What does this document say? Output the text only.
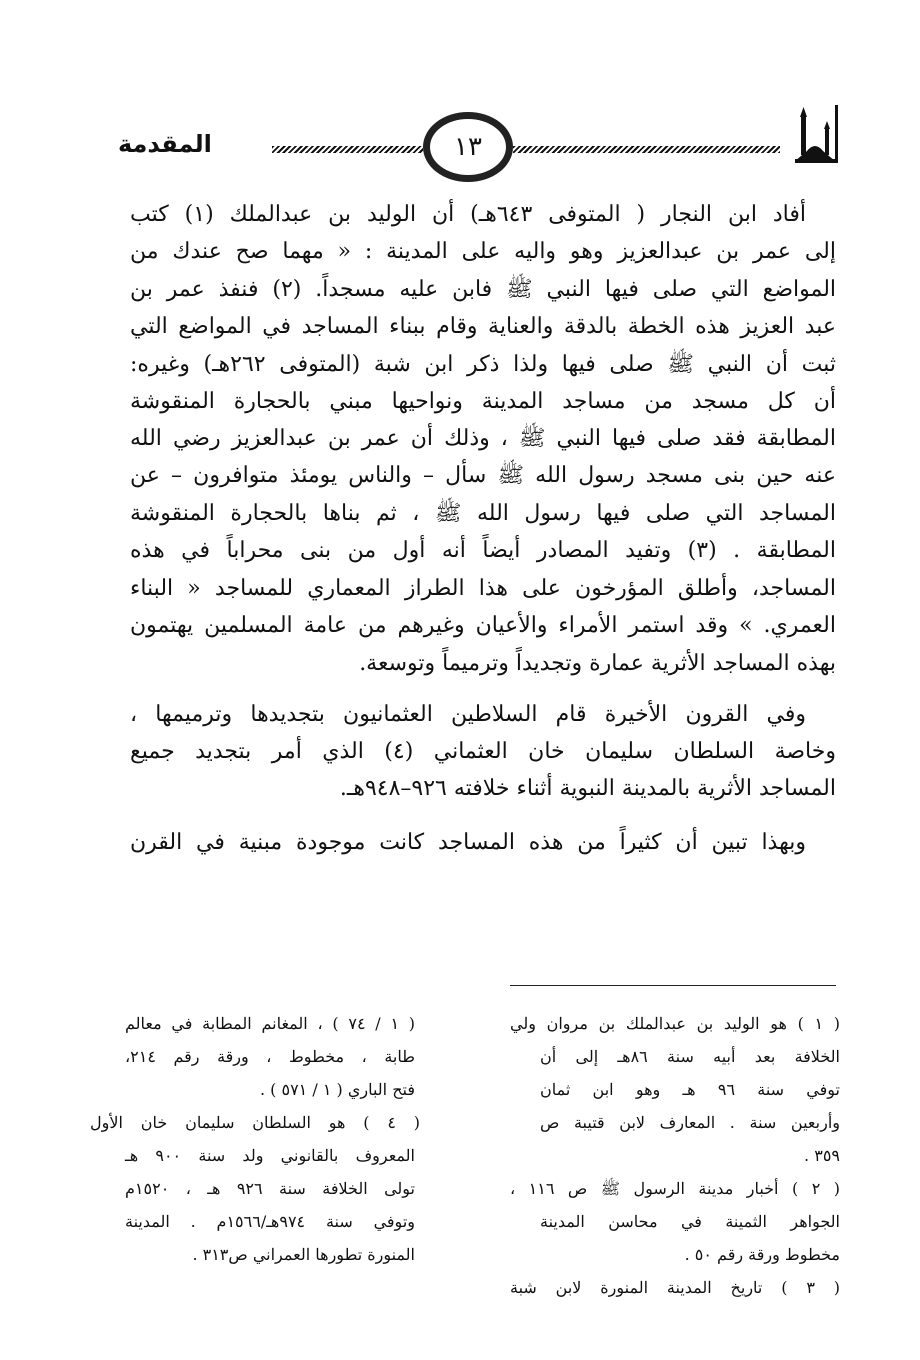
١٣
المقدمة
أفاد ابن النجار ( المتوفى ٦٤٣هـ) أن الوليد بن عبدالملك (١) كتب
إلى عمر بن عبدالعزيز وهو واليه على المدينة : « مهما صح عندك من
المواضع التي صلى فيها النبي ﷺ فابن عليه مسجداً. (٢) فنفذ عمر بن
عبد العزيز هذه الخطة بالدقة والعناية وقام ببناء المساجد في المواضع التي
ثبت أن النبي ﷺ صلى فيها ولذا ذكر ابن شبة (المتوفى ٢٦٢هـ) وغيره:
أن كل مسجد من مساجد المدينة ونواحيها مبني بالحجارة المنقوشة
المطابقة فقد صلى فيها النبي ﷺ ، وذلك أن عمر بن عبدالعزيز رضي الله
عنه حين بنى مسجد رسول الله ﷺ سأل – والناس يومئذ متوافرون – عن
المساجد التي صلى فيها رسول الله ﷺ ، ثم بناها بالحجارة المنقوشة
المطابقة . (٣) وتفيد المصادر أيضاً أنه أول من بنى محراباً في هذه
المساجد، وأطلق المؤرخون على هذا الطراز المعماري للمساجد « البناء
العمري. » وقد استمر الأمراء والأعيان وغيرهم من عامة المسلمين يهتمون
بهذه المساجد الأثرية عمارة وتجديداً وترميماً وتوسعة.
وفي القرون الأخيرة قام السلاطين العثمانيون بتجديدها وترميمها ،
وخاصة السلطان سليمان خان العثماني (٤) الذي أمر بتجديد جميع
المساجد الأثرية بالمدينة النبوية أثناء خلافته ٩٢٦–٩٤٨هـ.
وبهذا تبين أن كثيراً من هذه المساجد كانت موجودة مبنية في القرن
( ١ ) هو الوليد بن عبدالملك بن مروان ولي
الخلافة بعد أبيه سنة ٨٦هـ إلى أن
توفي سنة ٩٦ هـ وهو ابن ثمان
وأربعين سنة . المعارف لابن قتيبة ص
٣٥٩ .
( ٢ ) أخبار مدينة الرسول ﷺ ص ١١٦ ،
الجواهر الثمينة في محاسن المدينة
مخطوط ورقة رقم ٥٠ .
( ٣ ) تاريخ المدينة المنورة لابن شبة
( ١ / ٧٤ ) ، المغانم المطابة في معالم
طابة ، مخطوط ، ورقة رقم ٢١٤،
فتح الباري ( ١ / ٥٧١ ) .
( ٤ ) هو السلطان سليمان خان الأول
المعروف بالقانوني ولد سنة ٩٠٠ هـ
تولى الخلافة سنة ٩٢٦ هـ ، ١٥٢٠م
وتوفي سنة ٩٧٤هـ/١٥٦٦م . المدينة
المنورة تطورها العمراني ص٣١٣ .
